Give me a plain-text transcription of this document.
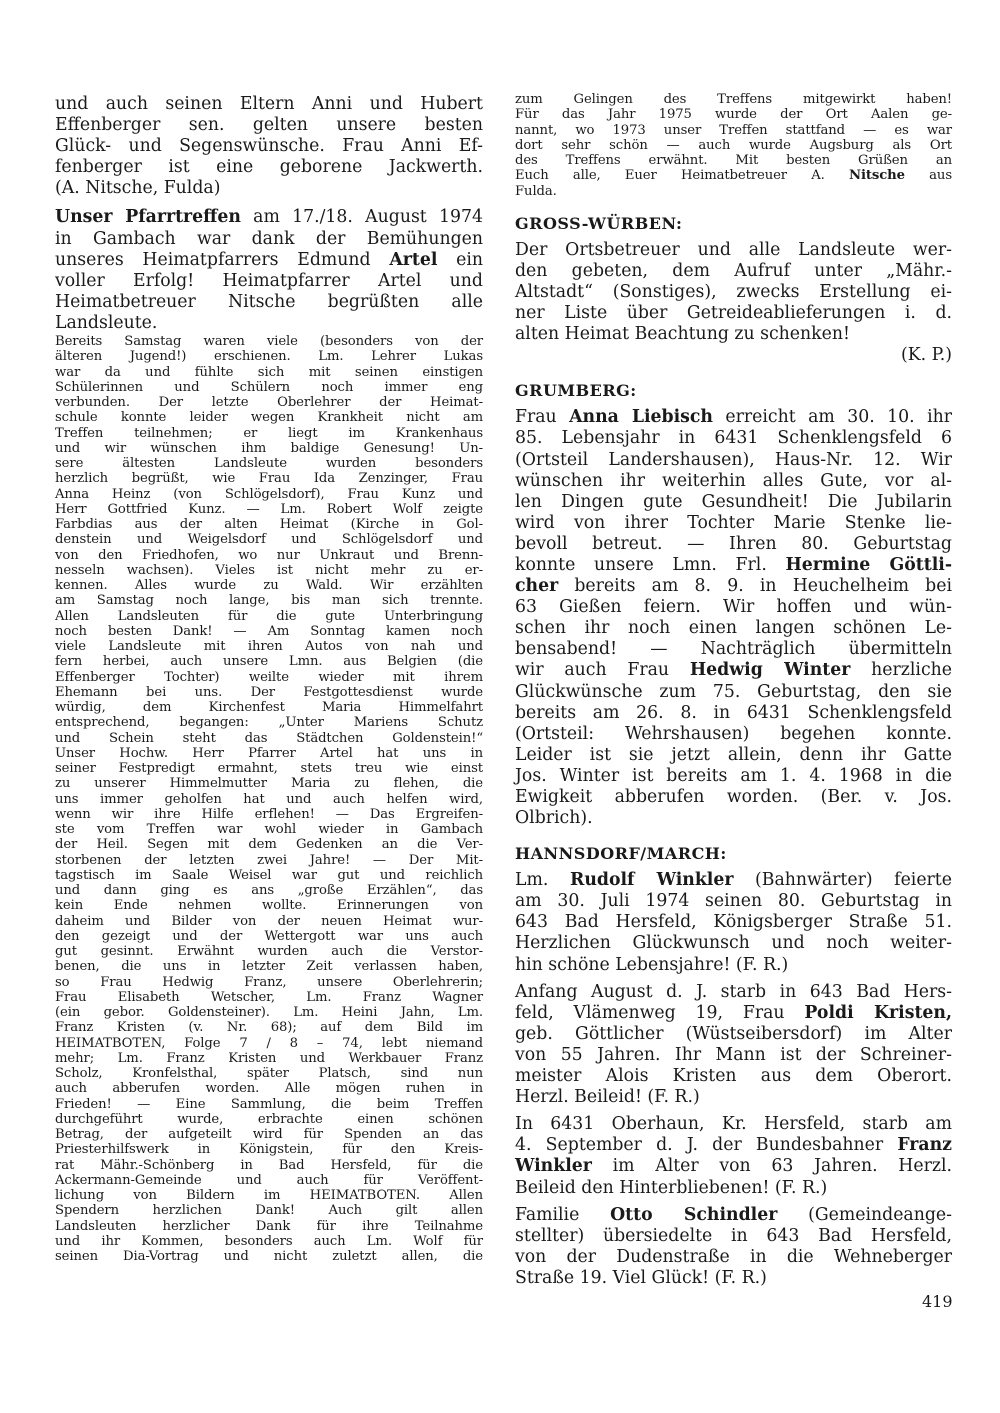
und auch seinen Eltern Anni und Hubert
Effenberger sen. gelten unsere besten
Glück- und Segenswünsche. Frau Anni Ef-
fenberger ist eine geborene Jackwerth.
(A. Nitsche, Fulda)
Unser Pfarrtreffen am 17./18. August 1974
in Gambach war dank der Bemühungen
unseres Heimatpfarrers Edmund Artel ein
voller Erfolg! Heimatpfarrer Artel und
Heimatbetreuer Nitsche begrüßten alle
Landsleute.
Bereits Samstag waren viele (besonders von der
älteren Jugend!) erschienen. Lm. Lehrer Lukas
war da und fühlte sich mit seinen einstigen
Schülerinnen und Schülern noch immer eng
verbunden. Der letzte Oberlehrer der Heimat-
schule konnte leider wegen Krankheit nicht am
Treffen teilnehmen; er liegt im Krankenhaus
und wir wünschen ihm baldige Genesung! Un-
sere ältesten Landsleute wurden besonders
herzlich begrüßt, wie Frau Ida Zenzinger, Frau
Anna Heinz (von Schlögelsdorf), Frau Kunz und
Herr Gottfried Kunz. — Lm. Robert Wolf zeigte
Farbdias aus der alten Heimat (Kirche in Gol-
denstein und Weigelsdorf und Schlögelsdorf und
von den Friedhofen, wo nur Unkraut und Brenn-
nesseln wachsen). Vieles ist nicht mehr zu er-
kennen. Alles wurde zu Wald. Wir erzählten
am Samstag noch lange, bis man sich trennte.
Allen Landsleuten für die gute Unterbringung
noch besten Dank! — Am Sonntag kamen noch
viele Landsleute mit ihren Autos von nah und
fern herbei, auch unsere Lmn. aus Belgien (die
Effenberger Tochter) weilte wieder mit ihrem
Ehemann bei uns. Der Festgottesdienst wurde
würdig, dem Kirchenfest Maria Himmelfahrt
entsprechend, begangen: „Unter Mariens Schutz
und Schein steht das Städtchen Goldenstein!“
Unser Hochw. Herr Pfarrer Artel hat uns in
seiner Festpredigt ermahnt, stets treu wie einst
zu unserer Himmelmutter Maria zu flehen, die
uns immer geholfen hat und auch helfen wird,
wenn wir ihre Hilfe erflehen! — Das Ergreifen-
ste vom Treffen war wohl wieder in Gambach
der Heil. Segen mit dem Gedenken an die Ver-
storbenen der letzten zwei Jahre! — Der Mit-
tagstisch im Saale Weisel war gut und reichlich
und dann ging es ans „große Erzählen“, das
kein Ende nehmen wollte. Erinnerungen von
daheim und Bilder von der neuen Heimat wur-
den gezeigt und der Wettergott war uns auch
gut gesinnt. Erwähnt wurden auch die Verstor-
benen, die uns in letzter Zeit verlassen haben,
so Frau Hedwig Franz, unsere Oberlehrerin;
Frau Elisabeth Wetscher, Lm. Franz Wagner
(ein gebor. Goldensteiner). Lm. Heini Jahn, Lm.
Franz Kristen (v. Nr. 68); auf dem Bild im
HEIMATBOTEN, Folge 7 / 8 – 74, lebt niemand
mehr; Lm. Franz Kristen und Werkbauer Franz
Scholz, Kronfelsthal, später Platsch, sind nun
auch abberufen worden. Alle mögen ruhen in
Frieden! — Eine Sammlung, die beim Treffen
durchgeführt wurde, erbrachte einen schönen
Betrag, der aufgeteilt wird für Spenden an das
Priesterhilfswerk in Königstein, für den Kreis-
rat Mähr.-Schönberg in Bad Hersfeld, für die
Ackermann-Gemeinde und auch für Veröffent-
lichung von Bildern im HEIMATBOTEN. Allen
Spendern herzlichen Dank! Auch gilt allen
Landsleuten herzlicher Dank für ihre Teilnahme
und ihr Kommen, besonders auch Lm. Wolf für
seinen Dia-Vortrag und nicht zuletzt allen, die
zum Gelingen des Treffens mitgewirkt haben!
Für das Jahr 1975 wurde der Ort Aalen ge-
nannt, wo 1973 unser Treffen stattfand — es war
dort sehr schön — auch wurde Augsburg als Ort
des Treffens erwähnt. Mit besten Grüßen an
Euch alle, Euer Heimatbetreuer A. Nitsche aus
Fulda.
GROSS-WÜRBEN:
Der Ortsbetreuer und alle Landsleute wer-
den gebeten, dem Aufruf unter „Mähr.-
Altstadt“ (Sonstiges), zwecks Erstellung ei-
ner Liste über Getreideablieferungen i. d.
alten Heimat Beachtung zu schenken!
(K. P.)
GRUMBERG:
Frau Anna Liebisch erreicht am 30. 10. ihr
85. Lebensjahr in 6431 Schenklengsfeld 6
(Ortsteil Landershausen), Haus-Nr. 12. Wir
wünschen ihr weiterhin alles Gute, vor al-
len Dingen gute Gesundheit! Die Jubilarin
wird von ihrer Tochter Marie Stenke lie-
bevoll betreut. — Ihren 80. Geburtstag
konnte unsere Lmn. Frl. Hermine Göttli-
cher bereits am 8. 9. in Heuchelheim bei
63 Gießen feiern. Wir hoffen und wün-
schen ihr noch einen langen schönen Le-
bensabend! — Nachträglich übermitteln
wir auch Frau Hedwig Winter herzliche
Glückwünsche zum 75. Geburtstag, den sie
bereits am 26. 8. in 6431 Schenklengsfeld
(Ortsteil: Wehrshausen) begehen konnte.
Leider ist sie jetzt allein, denn ihr Gatte
Jos. Winter ist bereits am 1. 4. 1968 in die
Ewigkeit abberufen worden. (Ber. v. Jos.
Olbrich).
HANNSDORF/MARCH:
Lm. Rudolf Winkler (Bahnwärter) feierte
am 30. Juli 1974 seinen 80. Geburtstag in
643 Bad Hersfeld, Königsberger Straße 51.
Herzlichen Glückwunsch und noch weiter-
hin schöne Lebensjahre! (F. R.)
Anfang August d. J. starb in 643 Bad Hers-
feld, Vlämenweg 19, Frau Poldi Kristen,
geb. Göttlicher (Wüstseibersdorf) im Alter
von 55 Jahren. Ihr Mann ist der Schreiner-
meister Alois Kristen aus dem Oberort.
Herzl. Beileid! (F. R.)
In 6431 Oberhaun, Kr. Hersfeld, starb am
4. September d. J. der Bundesbahner Franz
Winkler im Alter von 63 Jahren. Herzl.
Beileid den Hinterbliebenen! (F. R.)
Familie Otto Schindler (Gemeindeange-
stellter) übersiedelte in 643 Bad Hersfeld,
von der Dudenstraße in die Wehneberger
Straße 19. Viel Glück! (F. R.)
419
